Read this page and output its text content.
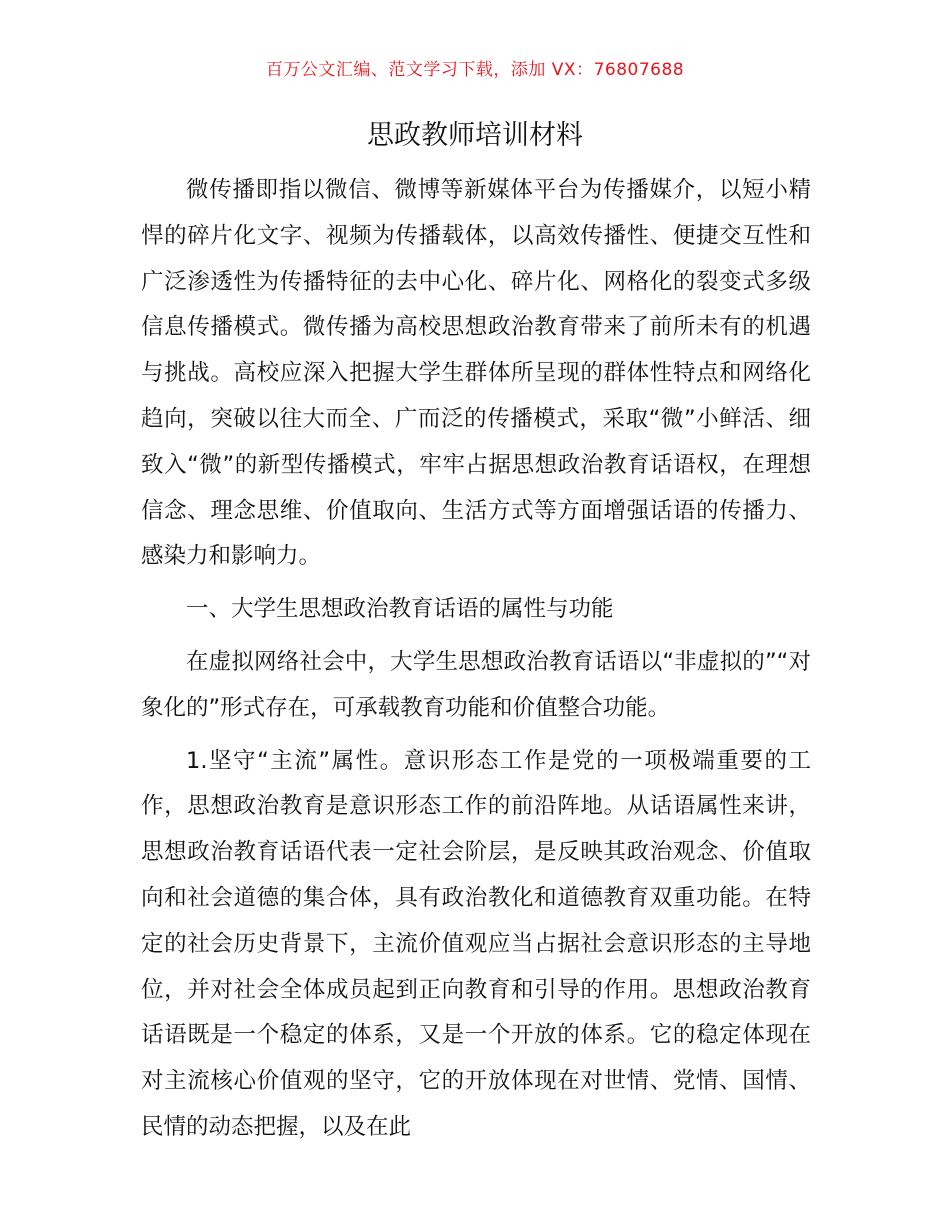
百万公文汇编、范文学习下载，添加 VX：76807688
思政教师培训材料

微传播即指以微信、微博等新媒体平台为传播媒介，以短小精悍的碎片化文字、视频为传播载体，以高效传播性、便捷交互性和广泛渗透性为传播特征的去中心化、碎片化、网格化的裂变式多级信息传播模式。微传播为高校思想政治教育带来了前所未有的机遇与挑战。高校应深入把握大学生群体所呈现的群体性特点和网络化趋向，突破以往大而全、广而泛的传播模式，采取“微”小鲜活、细致入“微”的新型传播模式，牢牢占据思想政治教育话语权，在理想信念、理念思维、价值取向、生活方式等方面增强话语的传播力、感染力和影响力。

一、大学生思想政治教育话语的属性与功能

在虚拟网络社会中，大学生思想政治教育话语以“非虚拟的”“对象化的”形式存在，可承载教育功能和价值整合功能。

1.坚守“主流”属性。意识形态工作是党的一项极端重要的工作，思想政治教育是意识形态工作的前沿阵地。从话语属性来讲，思想政治教育话语代表一定社会阶层，是反映其政治观念、价值取向和社会道德的集合体，具有政治教化和道德教育双重功能。在特定的社会历史背景下，主流价值观应当占据社会意识形态的主导地位，并对社会全体成员起到正向教育和引导的作用。思想政治教育话语既是一个稳定的体系，又是一个开放的体系。它的稳定体现在对主流核心价值观的坚守，它的开放体现在对世情、党情、国情、民情的动态把握，以及在此
